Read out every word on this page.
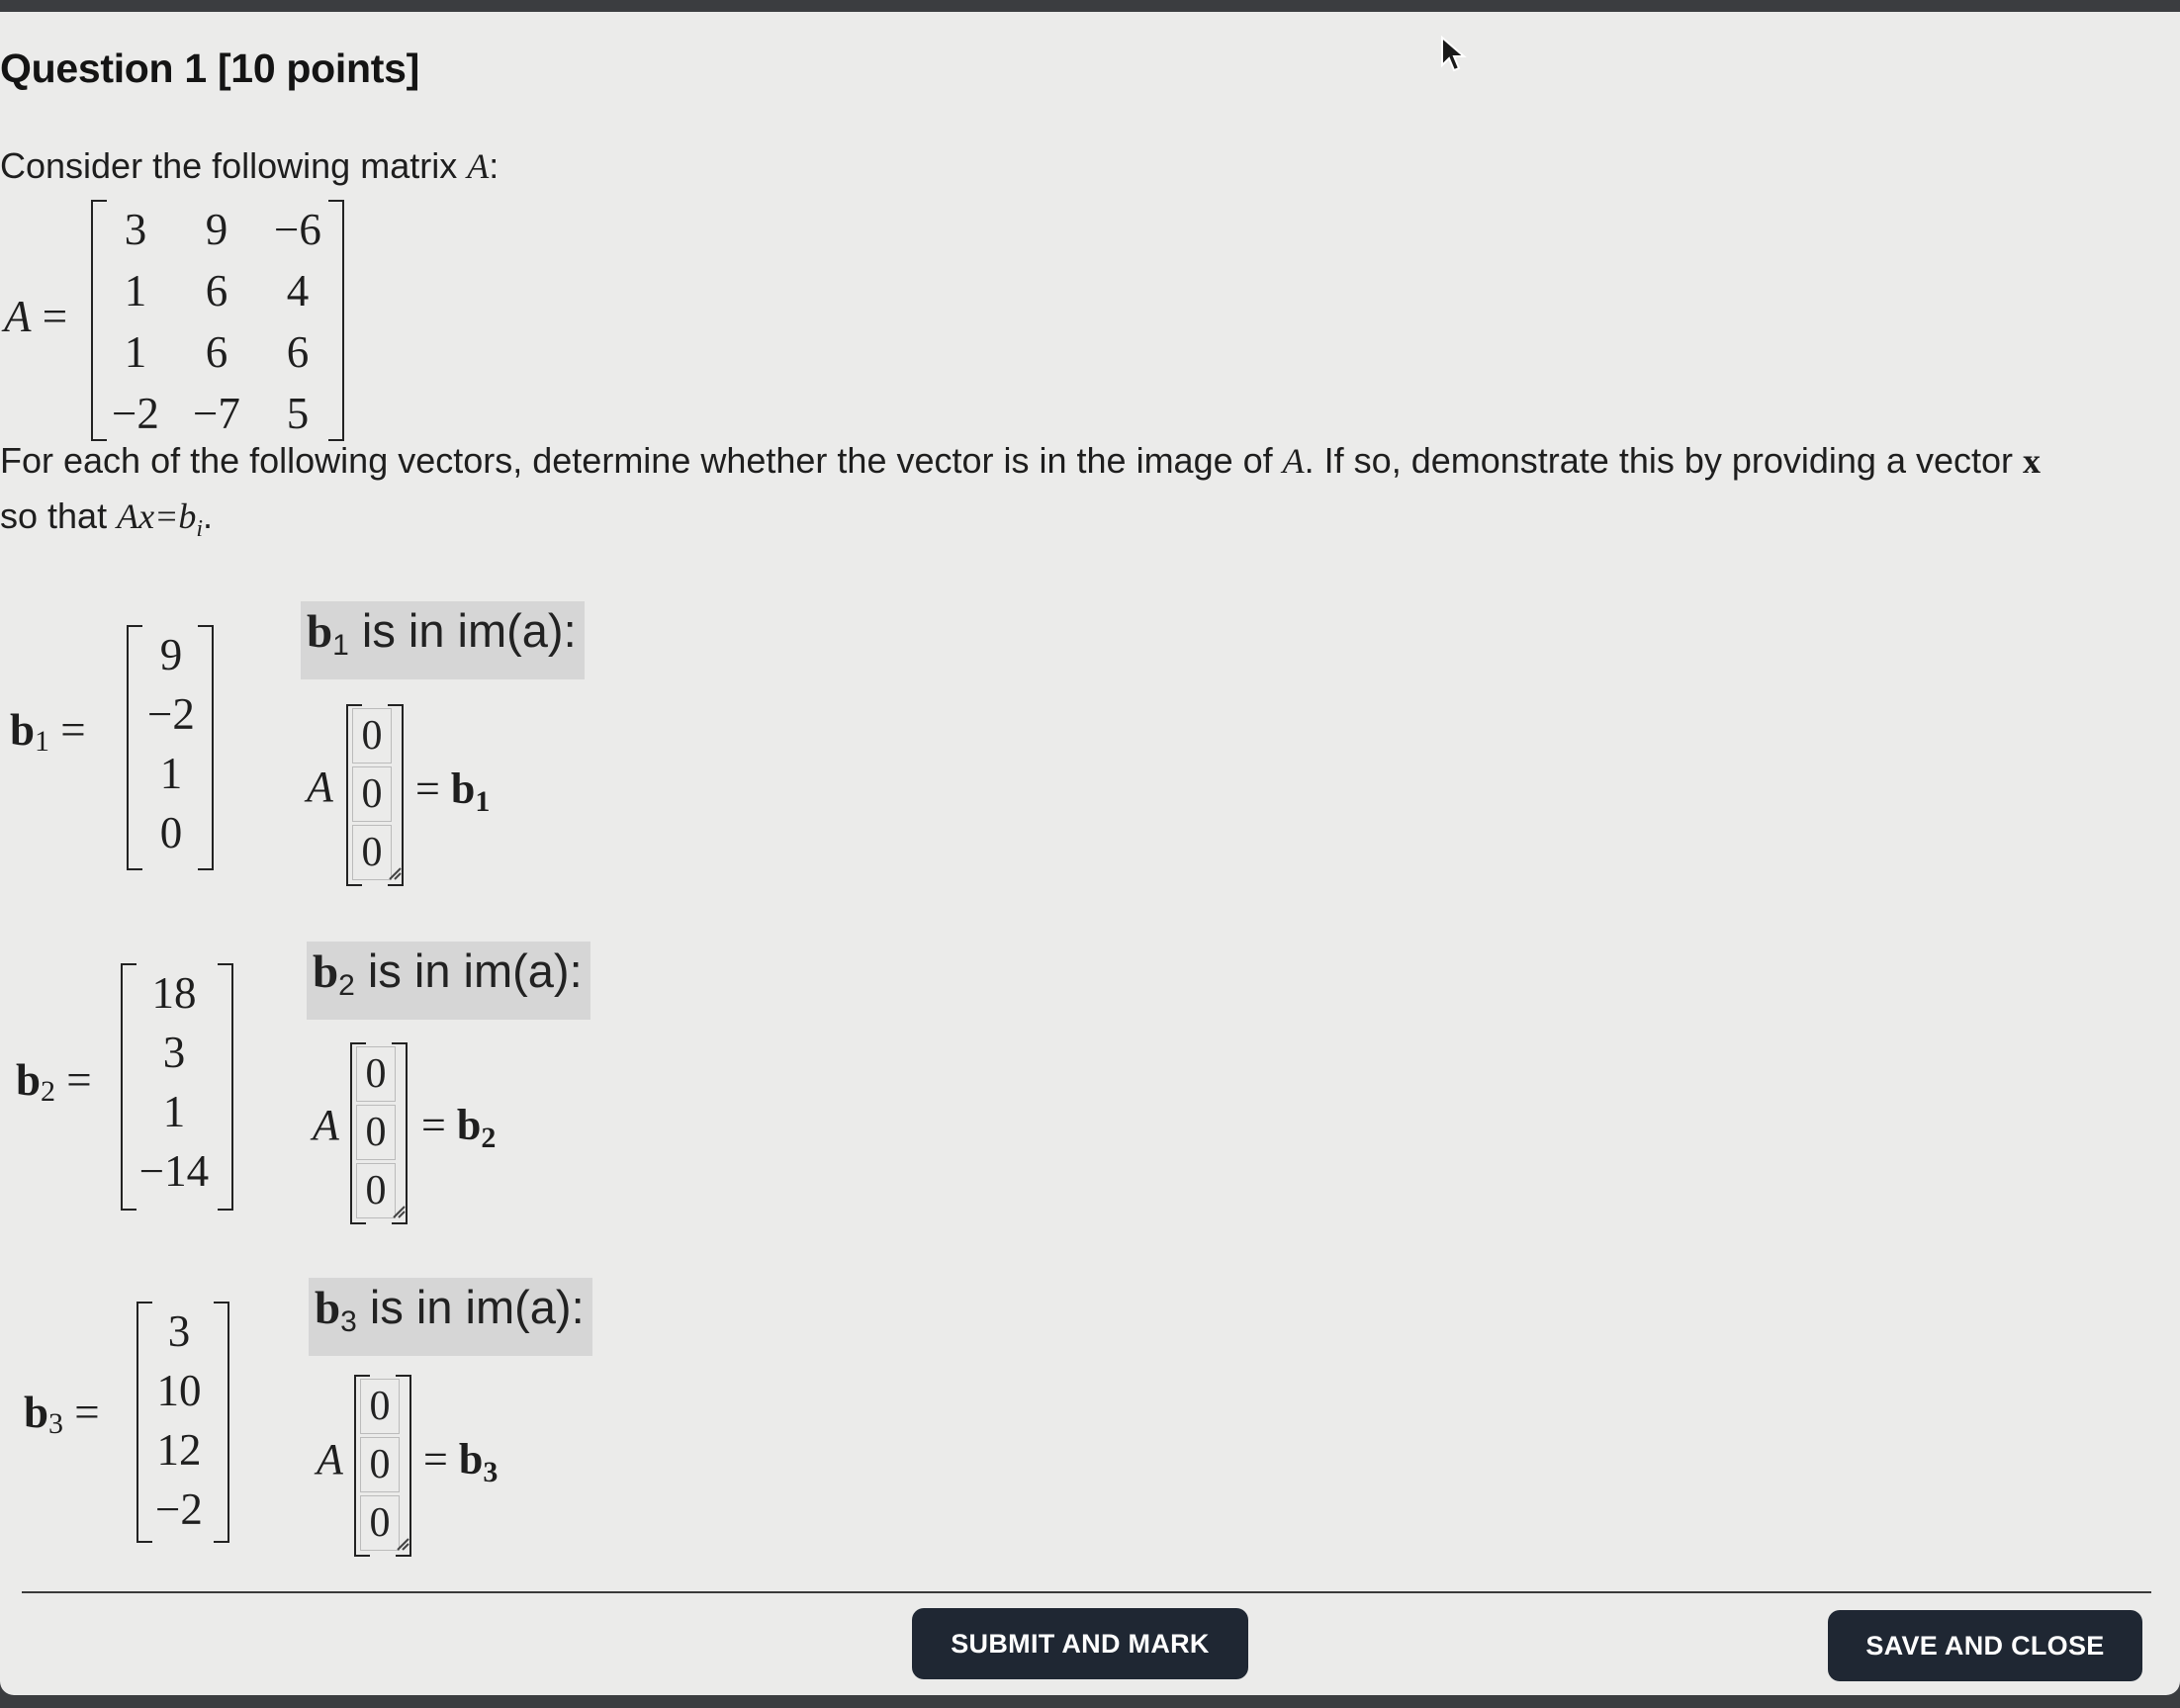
Question 1 [10 points]
Consider the following matrix A:
A =
3	9	−6
1	6	4
1	6	6
−2 −7	5
For each of the following vectors, determine whether the vector is in the image of A. If so, demonstrate this by providing a vector x
so that $Ax=b_i$.
$b_1$ =
9
−2
1
0
$b_1$ is in im(a):
A
0
0
$0 = b_1$
$b_2$ =
18
3
1
−14
$b_2$ is in im(a):
A
0
0
$0 = b_2$
$b_3$ =
3
10
12
−2
$b_3$ is in im(a):
A
0
0
$0 = b_3$
SUBMIT AND MARK	SAVE AND CLOSE
